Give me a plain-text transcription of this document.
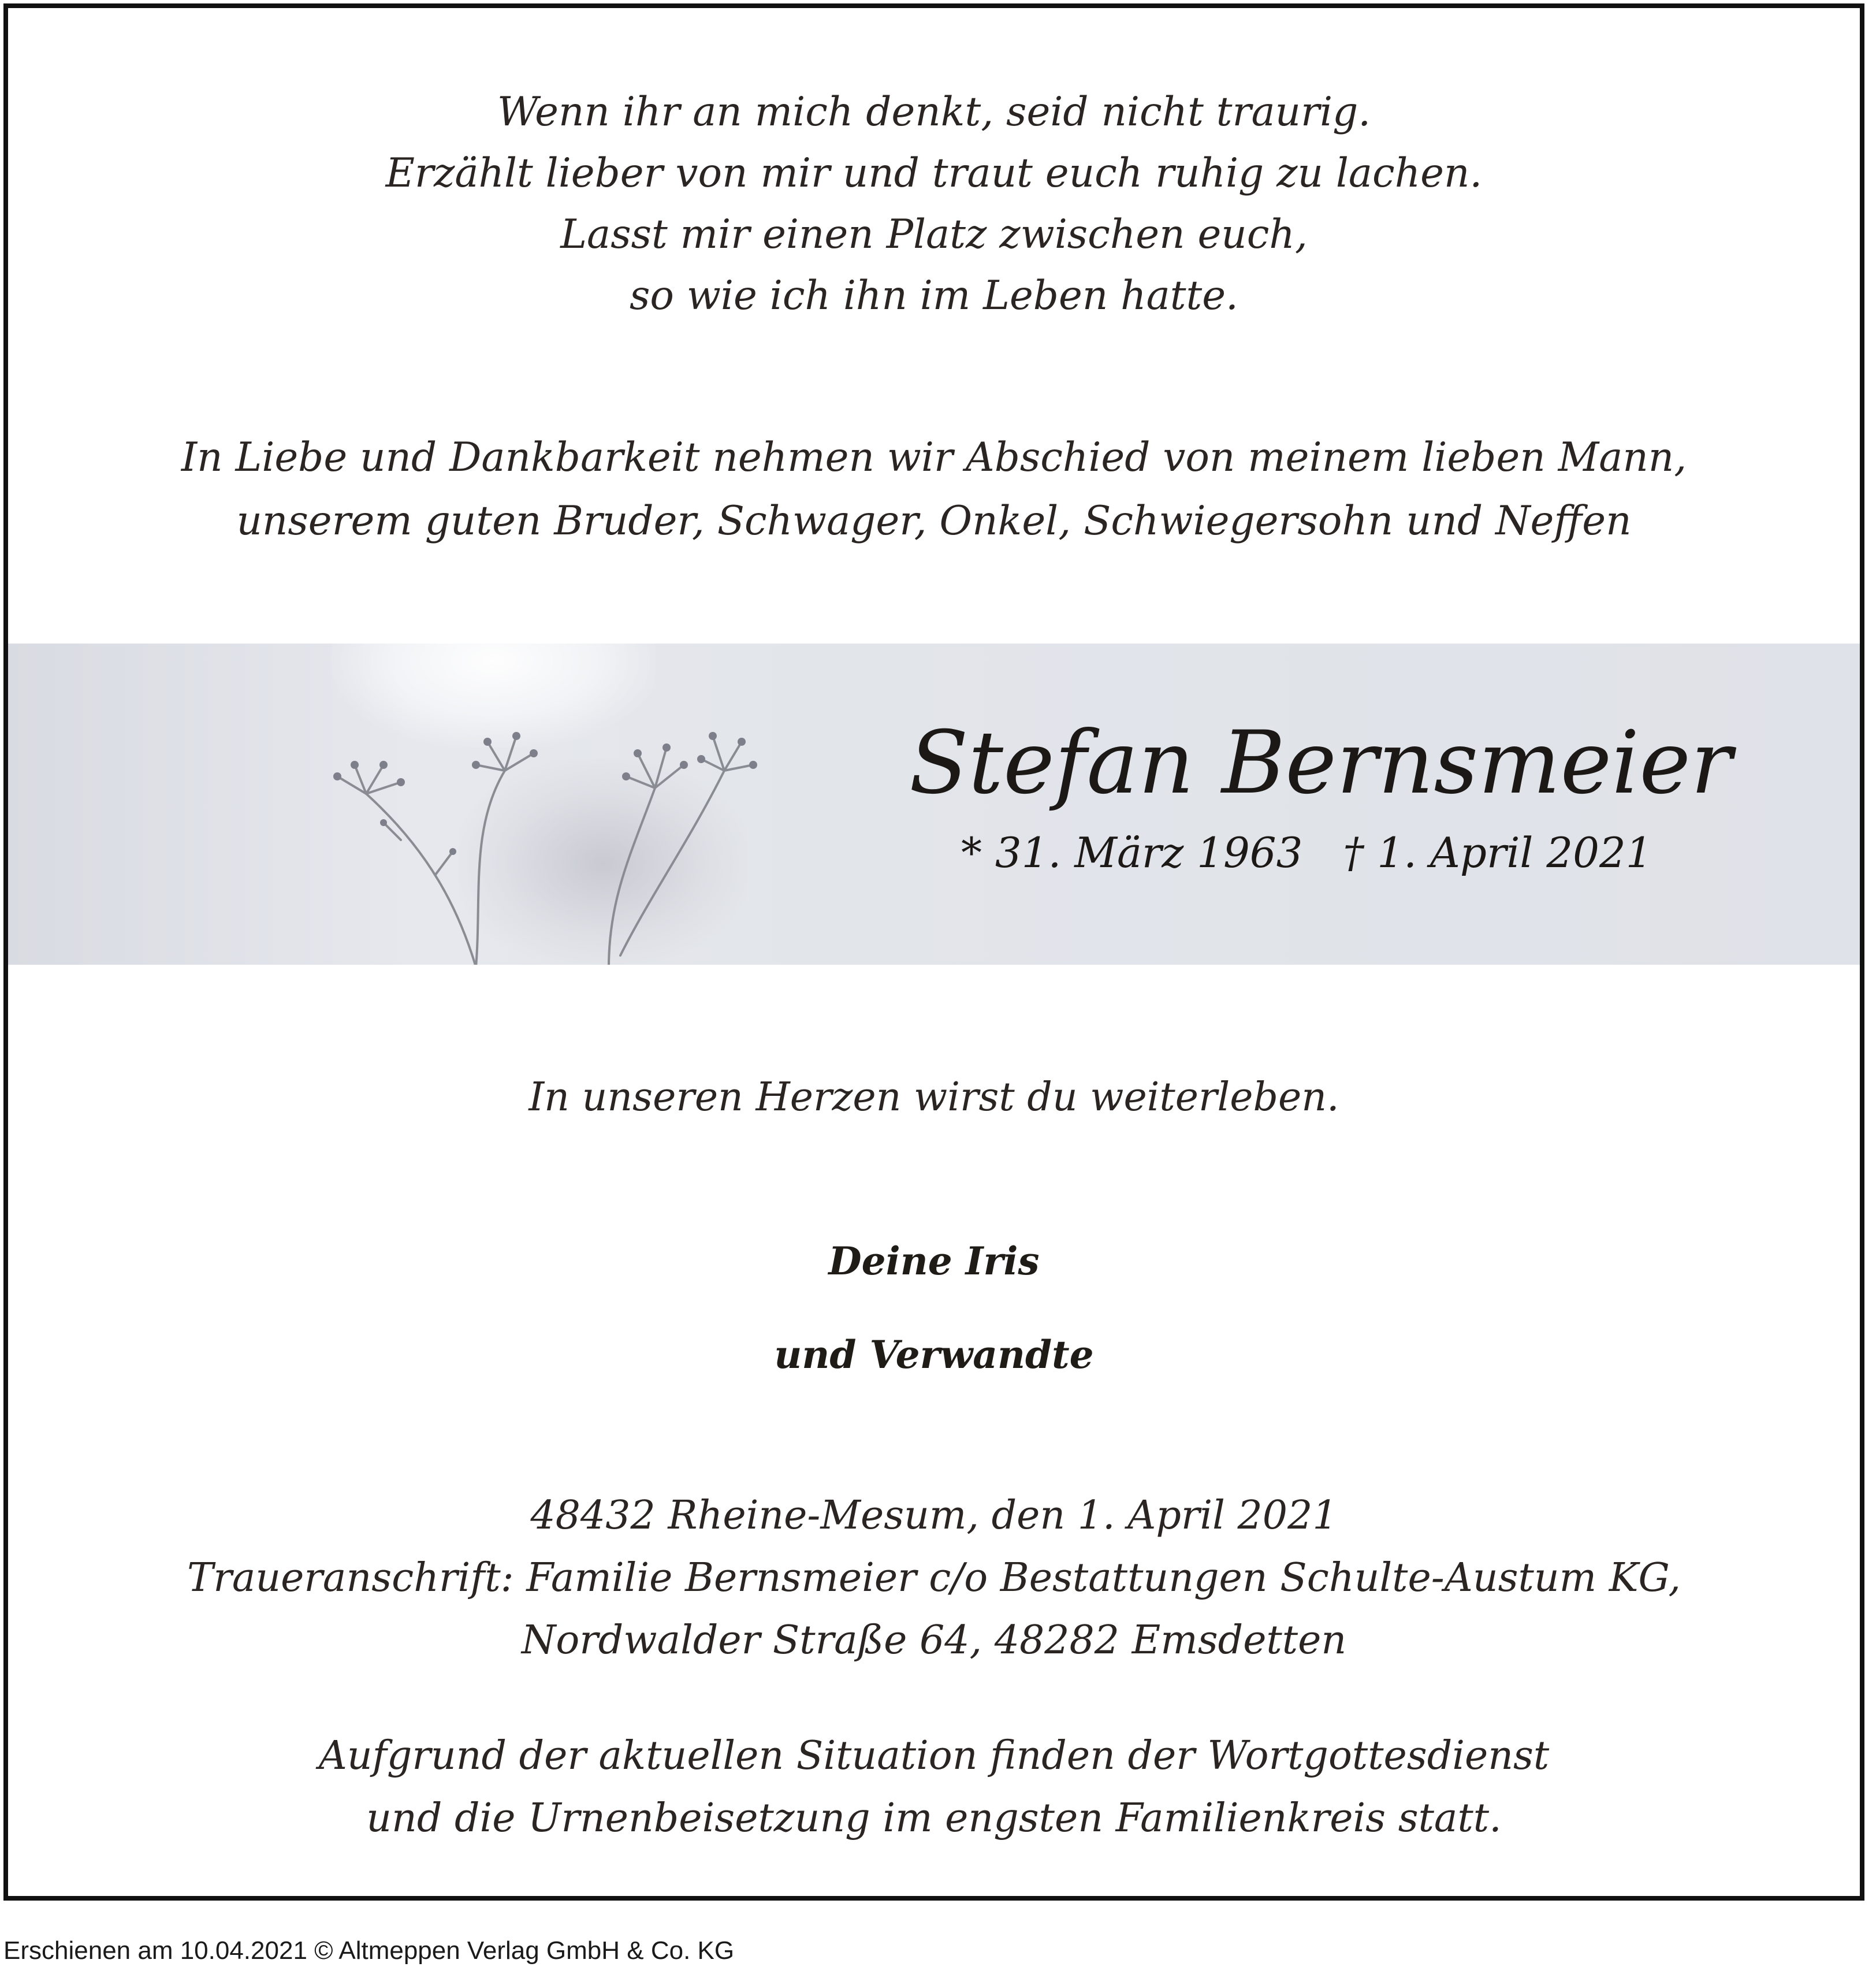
Wenn ihr an mich denkt, seid nicht traurig.
Erzählt lieber von mir und traut euch ruhig zu lachen.
Lasst mir einen Platz zwischen euch,
so wie ich ihn im Leben hatte.
In Liebe und Dankbarkeit nehmen wir Abschied von meinem lieben Mann,
unserem guten Bruder, Schwager, Onkel, Schwiegersohn und Neffen
Stefan Bernsmeier
* 31. März 1963 † 1. April 2021
In unseren Herzen wirst du weiterleben.
Deine Iris
und Verwandte
48432 Rheine-Mesum, den 1. April 2021
Traueranschrift: Familie Bernsmeier c/o Bestattungen Schulte-Austum KG,
Nordwalder Straße 64, 48282 Emsdetten
Aufgrund der aktuellen Situation finden der Wortgottesdienst
und die Urnenbeisetzung im engsten Familienkreis statt.
Erschienen am 10.04.2021 © Altmeppen Verlag GmbH & Co. KG
